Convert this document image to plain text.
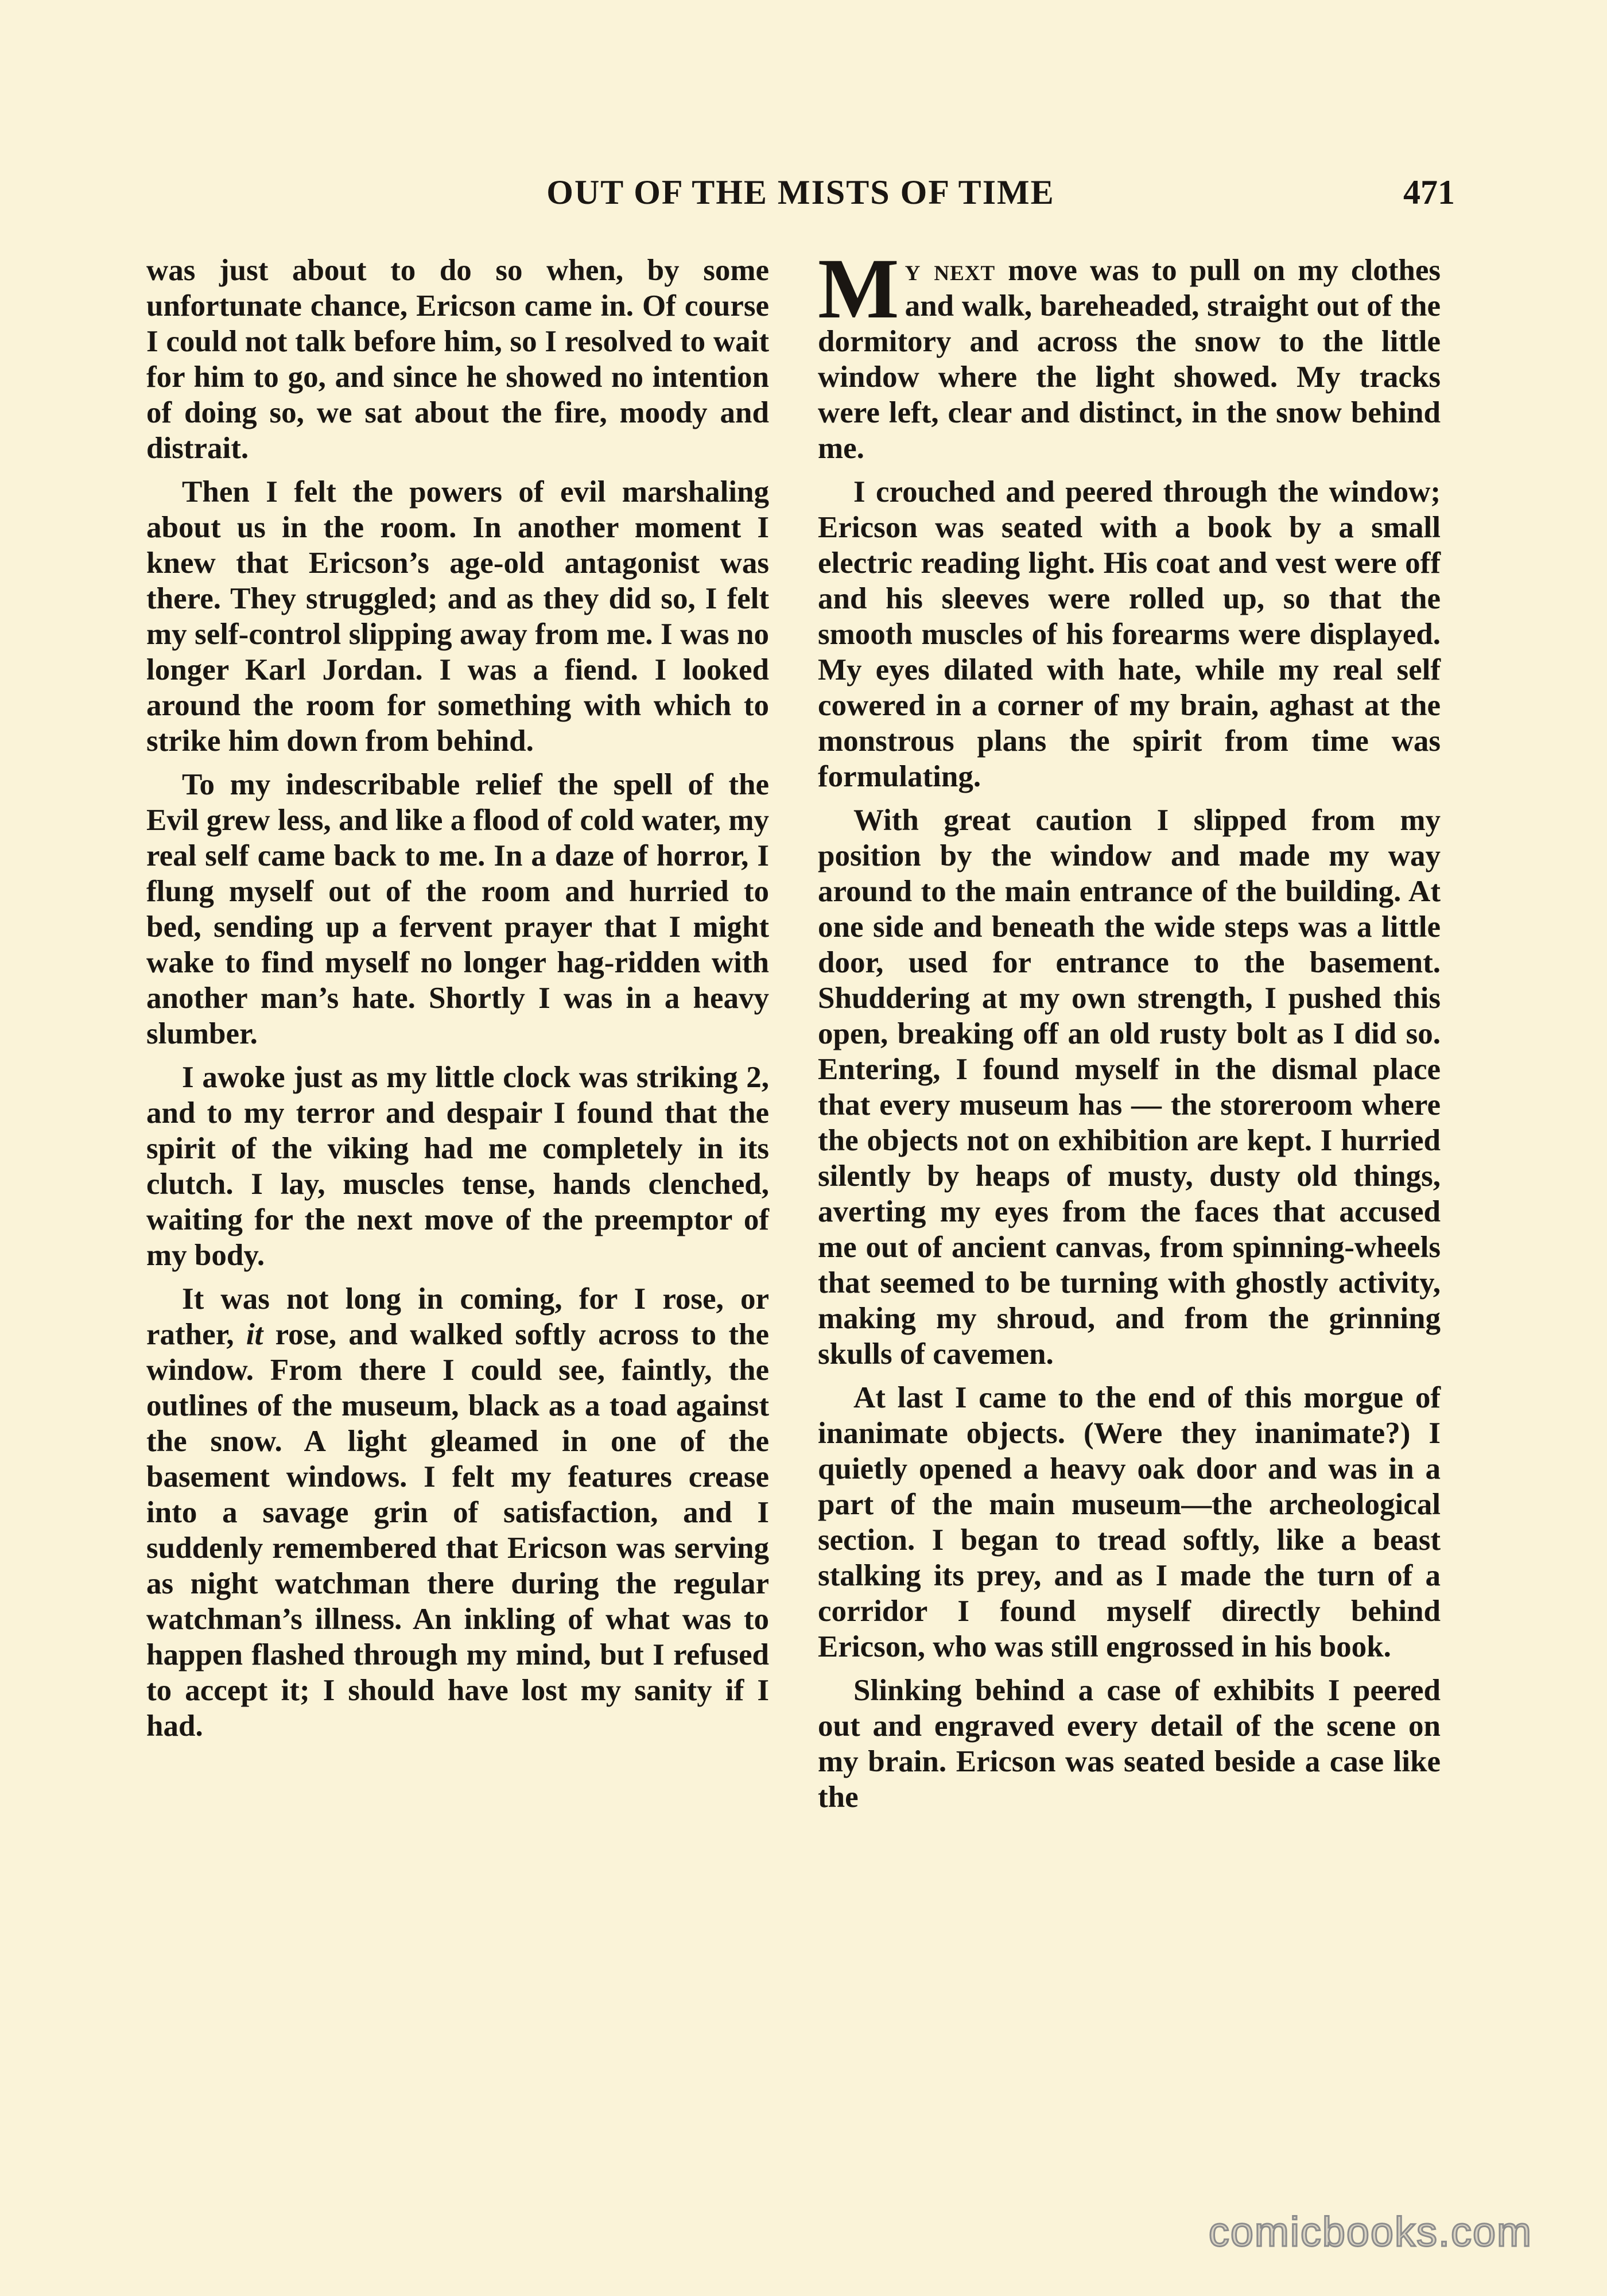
OUT OF THE MISTS OF TIME	471

was just about to do so when, by some unfortunate chance, Ericson came in. Of course I could not talk before him, so I resolved to wait for him to go, and since he showed no intention of doing so, we sat about the fire, moody and distrait.

Then I felt the powers of evil marshaling about us in the room. In another moment I knew that Ericson’s age-old antagonist was there. They struggled; and as they did so, I felt my self-control slipping away from me. I was no longer Karl Jordan. I was a fiend. I looked around the room for something with which to strike him down from behind.

To my indescribable relief the spell of the Evil grew less, and like a flood of cold water, my real self came back to me. In a daze of horror, I flung myself out of the room and hurried to bed, sending up a fervent prayer that I might wake to find myself no longer hag-ridden with another man’s hate. Shortly I was in a heavy slumber.

I awoke just as my little clock was striking 2, and to my terror and despair I found that the spirit of the viking had me completely in its clutch. I lay, muscles tense, hands clenched, waiting for the next move of the preemptor of my body.

It was not long in coming, for I rose, or rather, it rose, and walked softly across to the window. From there I could see, faintly, the outlines of the museum, black as a toad against the snow. A light gleamed in one of the basement windows. I felt my features crease into a savage grin of satisfaction, and I suddenly remembered that Ericson was serving as night watchman there during the regular watchman’s illness. An inkling of what was to happen flashed through my mind, but I refused to accept it; I should have lost my sanity if I had.

My next move was to pull on my clothes and walk, bareheaded, straight out of the dormitory and across the snow to the little window where the light showed. My tracks were left, clear and distinct, in the snow behind me.

I crouched and peered through the window; Ericson was seated with a book by a small electric reading light. His coat and vest were off and his sleeves were rolled up, so that the smooth muscles of his forearms were displayed. My eyes dilated with hate, while my real self cowered in a corner of my brain, aghast at the monstrous plans the spirit from time was formulating.

With great caution I slipped from my position by the window and made my way around to the main entrance of the building. At one side and beneath the wide steps was a little door, used for entrance to the basement. Shuddering at my own strength, I pushed this open, breaking off an old rusty bolt as I did so. Entering, I found myself in the dismal place that every museum has — the storeroom where the objects not on exhibition are kept. I hurried silently by heaps of musty, dusty old things, averting my eyes from the faces that accused me out of ancient canvas, from spinning-wheels that seemed to be turning with ghostly activity, making my shroud, and from the grinning skulls of cavemen.

At last I came to the end of this morgue of inanimate objects. (Were they inanimate?) I quietly opened a heavy oak door and was in a part of the main museum—the archeological section. I began to tread softly, like a beast stalking its prey, and as I made the turn of a corridor I found myself directly behind Ericson, who was still engrossed in his book.

Slinking behind a case of exhibits I peered out and engraved every detail of the scene on my brain. Ericson was seated beside a case like the

comicbooks.com
